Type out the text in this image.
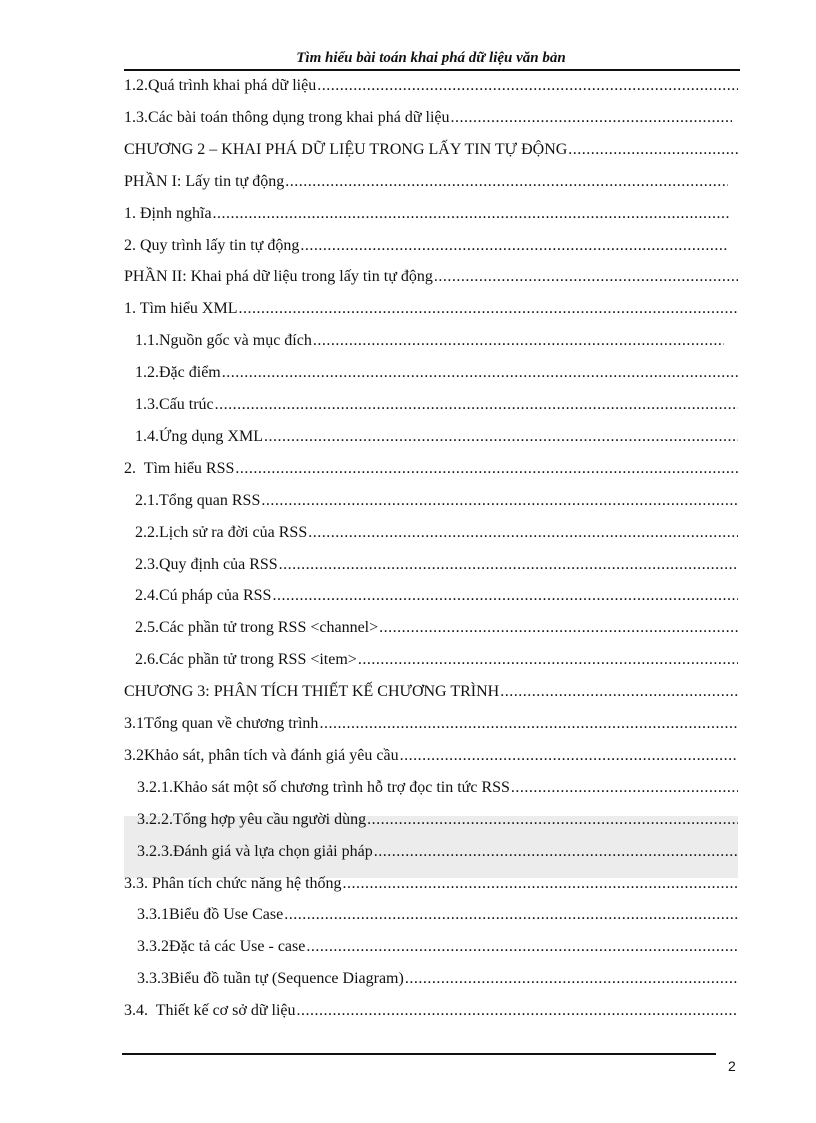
Tìm hiểu bài toán khai phá dữ liệu văn bản
1.2. Quá trình khai phá dữ liệu
.....
1.3. Các bài toán thông dụng trong khai phá dữ liệu
.....
CHƯƠNG 2 – KHAI PHÁ DỮ LIỆU TRONG LẤY TIN TỰ ĐỘNG
.....
PHẦN I: Lấy tin tự động
.....
1. Định nghĩa
.....
2. Quy trình lấy tin tự động
.....
PHẦN II: Khai phá dữ liệu trong lấy tin tự động
.....
1. Tìm hiểu XML
.....
1.1. Nguồn gốc và mục đích
.....
1.2. Đặc điểm
.....
1.3. Cấu trúc
.....
1.4. Ứng dụng XML
.....
2.  Tìm hiểu RSS
.....
2.1. Tổng quan RSS
.....
2.2. Lịch sử ra đời của RSS
.....
2.3. Quy định của RSS
.....
2.4. Cú pháp của RSS
.....
2.5. Các phần tử trong RSS <channel>
.....
2.6. Các phần tử trong RSS <item>
.....
CHƯƠNG 3: PHÂN TÍCH THIẾT KẾ CHƯƠNG TRÌNH
.....
3.1 Tổng quan về chương trình
.....
3.2 Khảo sát, phân tích và đánh giá yêu cầu
.....
3.2.1. Khảo sát một số chương trình hỗ trợ đọc tin tức RSS
.....
3.2.2. Tổng hợp yêu cầu người dùng
.....
3.2.3. Đánh giá và lựa chọn giải pháp
.....
3.3. Phân tích chức năng hệ thống
.....
3.3.1 Biểu đồ Use Case
.....
3.3.2 Đặc tả các Use - case
.....
3.3.3 Biểu đồ tuần tự (Sequence Diagram)
.....
3.4.  Thiết kế cơ sở dữ liệu
.....
2
